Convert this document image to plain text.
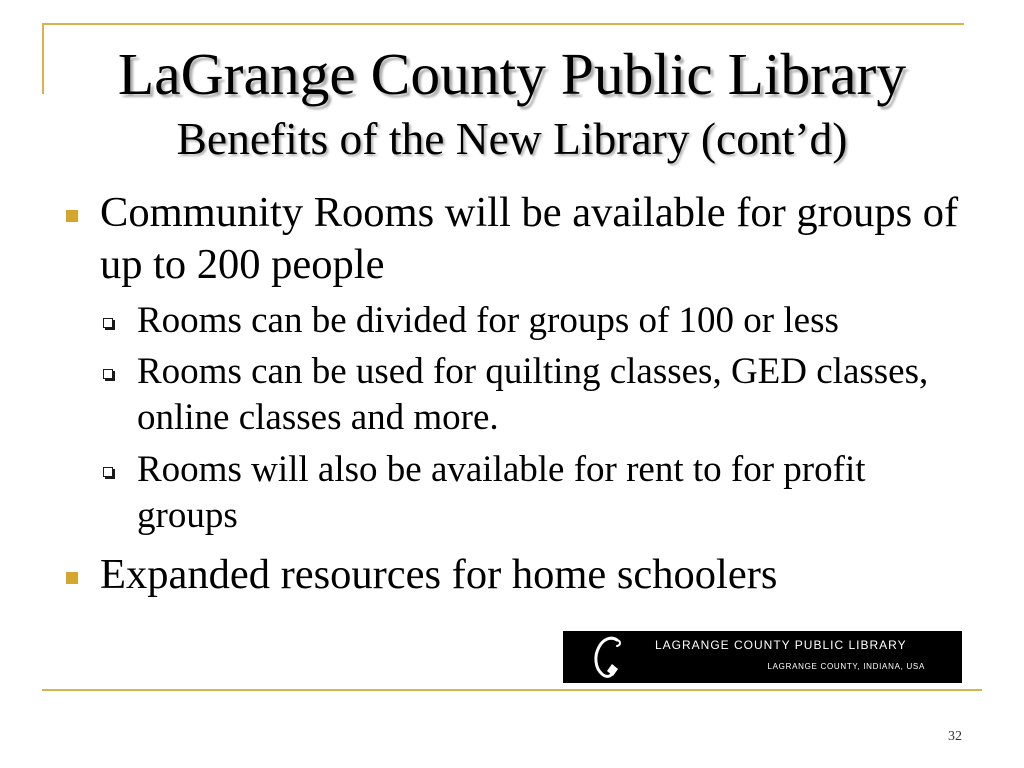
LaGrange County Public Library
Benefits of the New Library (cont’d)
Community Rooms will be available for groups of up to 200 people
Rooms can be divided for groups of 100 or less
Rooms can be used for quilting classes, GED classes, online classes and more.
Rooms will also be available for rent to for profit groups
Expanded resources for home schoolers
LAGRANGE COUNTY PUBLIC LIBRARY
LAGRANGE COUNTY, INDIANA, USA
32
